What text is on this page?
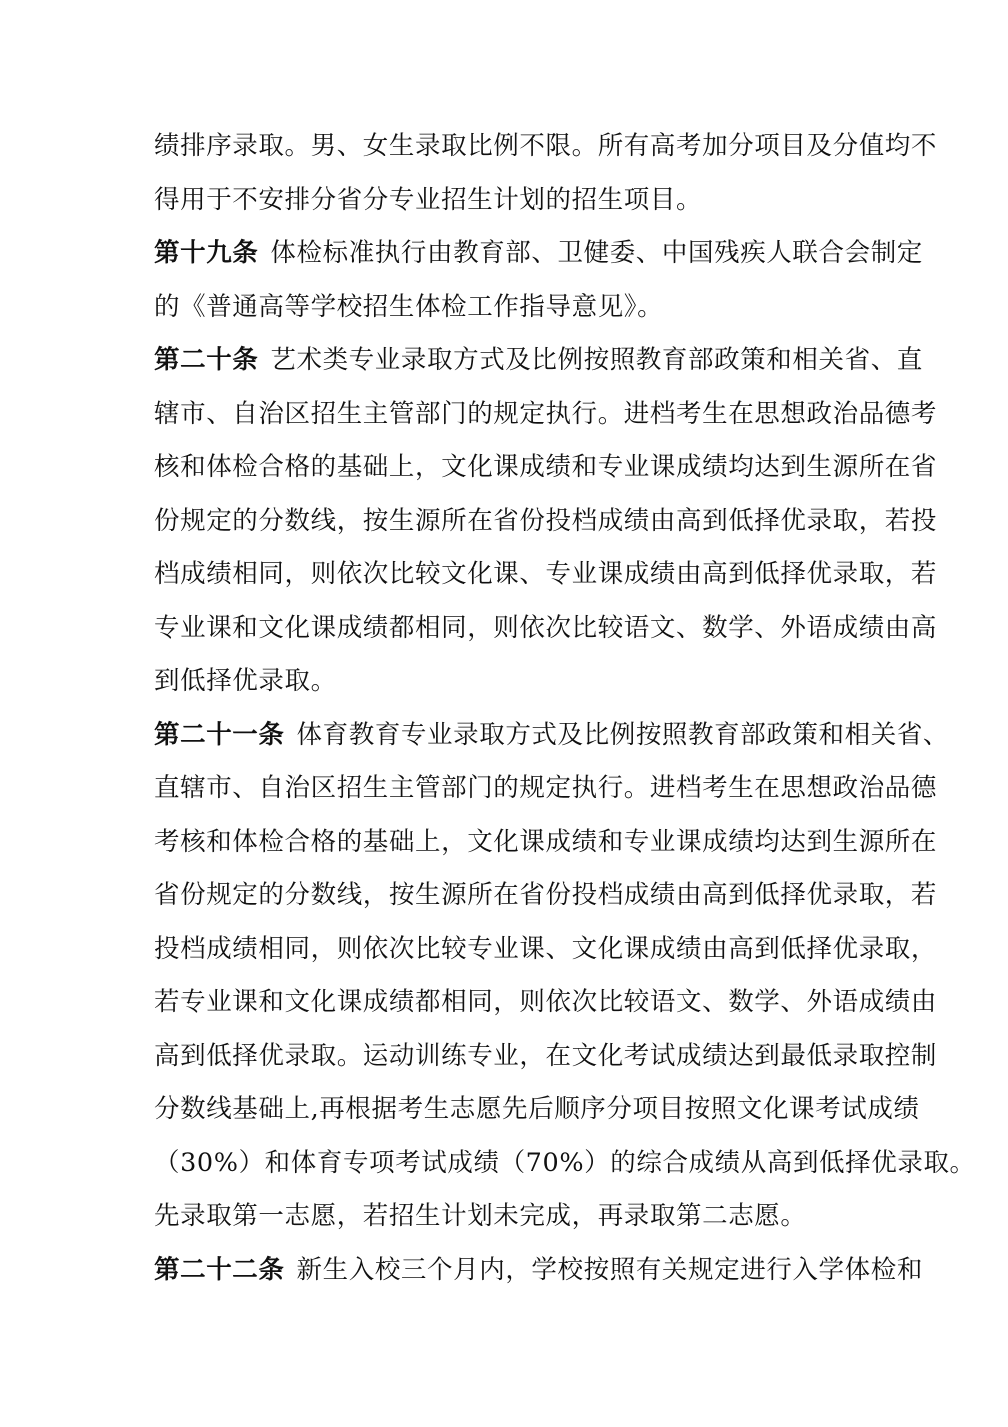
绩排序录取。男、女生录取比例不限。所有高考加分项目及分值均不
得用于不安排分省分专业招生计划的招生项目。
第十九条 体检标准执行由教育部、卫健委、中国残疾人联合会制定
的《普通高等学校招生体检工作指导意见》。
第二十条 艺术类专业录取方式及比例按照教育部政策和相关省、直
辖市、自治区招生主管部门的规定执行。进档考生在思想政治品德考
核和体检合格的基础上，文化课成绩和专业课成绩均达到生源所在省
份规定的分数线，按生源所在省份投档成绩由高到低择优录取，若投
档成绩相同，则依次比较文化课、专业课成绩由高到低择优录取，若
专业课和文化课成绩都相同，则依次比较语文、数学、外语成绩由高
到低择优录取。
第二十一条 体育教育专业录取方式及比例按照教育部政策和相关省、
直辖市、自治区招生主管部门的规定执行。进档考生在思想政治品德
考核和体检合格的基础上，文化课成绩和专业课成绩均达到生源所在
省份规定的分数线，按生源所在省份投档成绩由高到低择优录取，若
投档成绩相同，则依次比较专业课、文化课成绩由高到低择优录取，
若专业课和文化课成绩都相同，则依次比较语文、数学、外语成绩由
高到低择优录取。运动训练专业，在文化考试成绩达到最低录取控制
分数线基础上,再根据考生志愿先后顺序分项目按照文化课考试成绩
（30%）和体育专项考试成绩（70%）的综合成绩从高到低择优录取。
先录取第一志愿，若招生计划未完成，再录取第二志愿。
第二十二条 新生入校三个月内，学校按照有关规定进行入学体检和
